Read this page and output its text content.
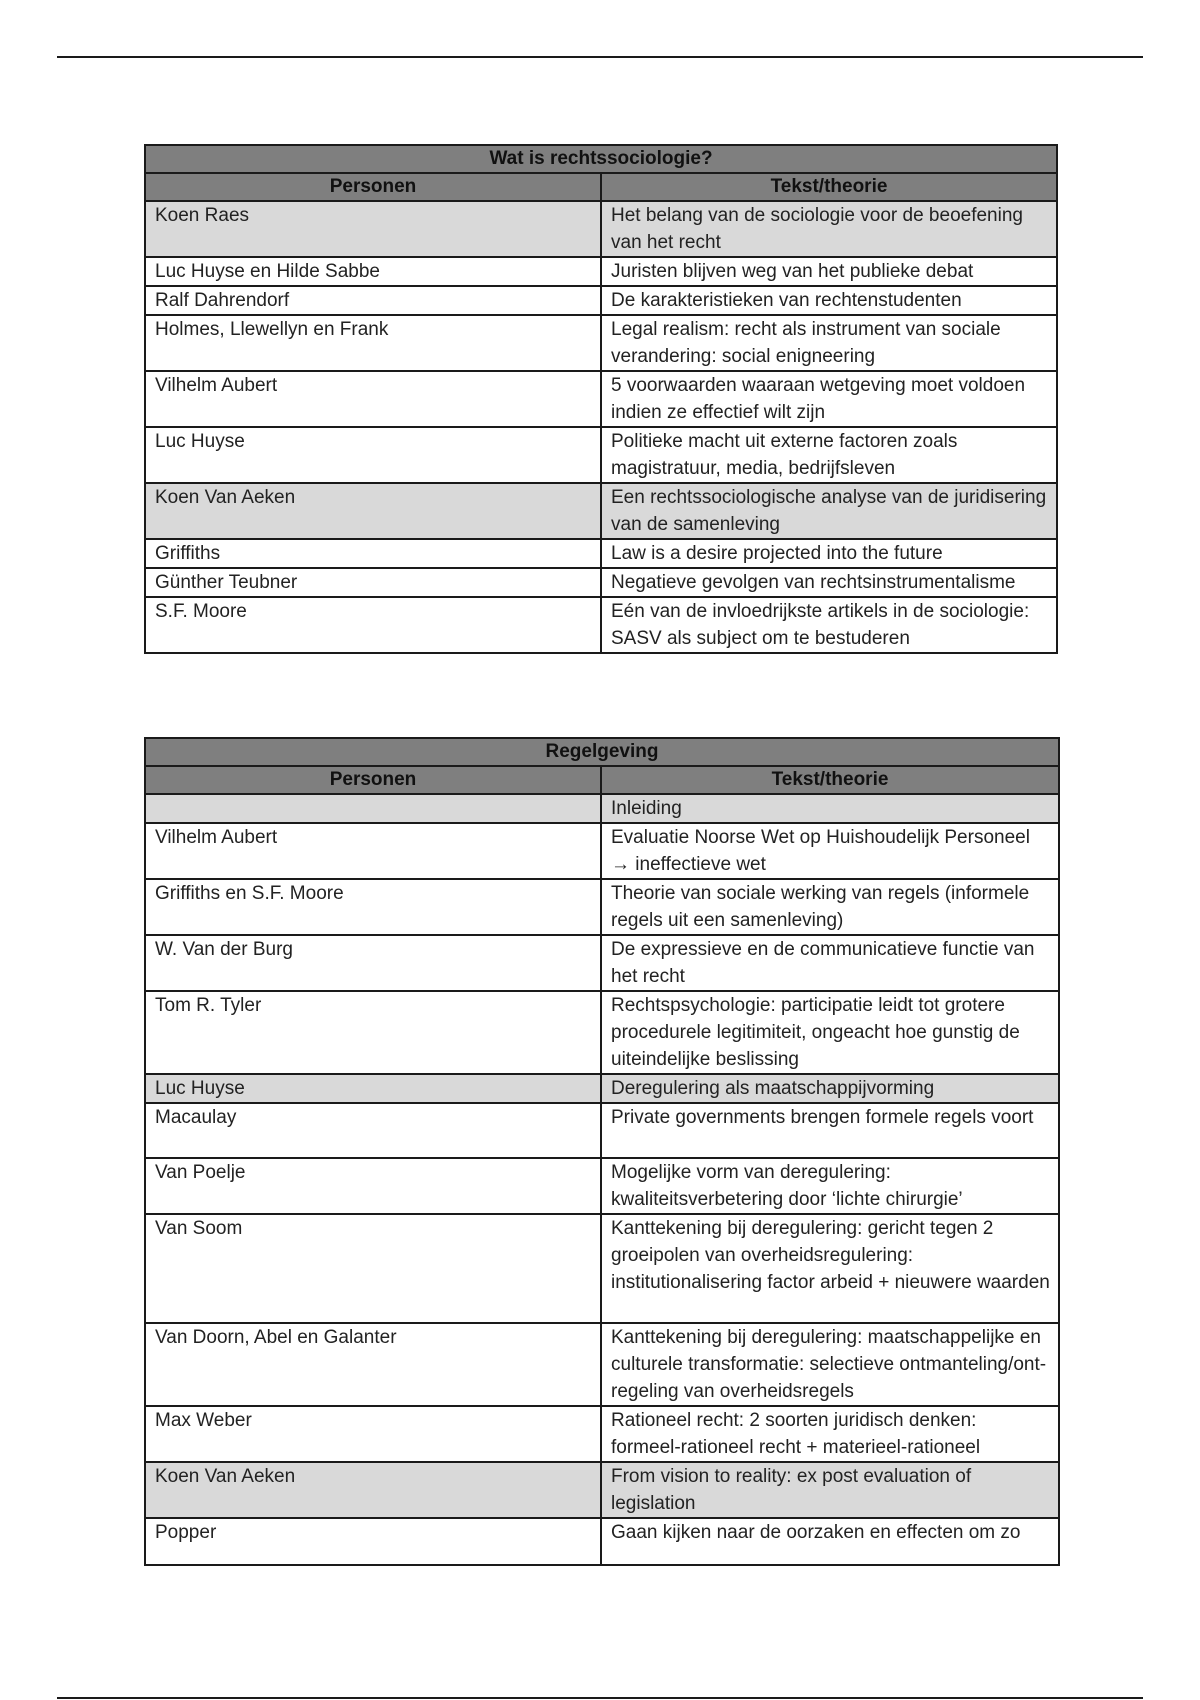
Wat is rechtssociologie?	
Personen	Tekst/theorie
Koen Raes	Het belang van de sociologie voor de beoefening van het recht
Luc Huyse en Hilde Sabbe	Juristen blijven weg van het publieke debat
Ralf Dahrendorf	De karakteristieken van rechtenstudenten
Holmes, Llewellyn en Frank	Legal realism: recht als instrument van sociale verandering: social enigneering
Vilhelm Aubert	5 voorwaarden waaraan wetgeving moet voldoen indien ze effectief wilt zijn
Luc Huyse	Politieke macht uit externe factoren zoals magistratuur, media, bedrijfsleven
Koen Van Aeken	Een rechtssociologische analyse van de juridisering van de samenleving
Griffiths	Law is a desire projected into the future
Günther Teubner	Negatieve gevolgen van rechtsinstrumentalisme
S.F. Moore	Eén van de invloedrijkste artikels in de sociologie: SASV als subject om te bestuderen
Regelgeving	
Personen	Tekst/theorie
	Inleiding
Vilhelm Aubert	Evaluatie Noorse Wet op Huishoudelijk Personeel → ineffectieve wet
Griffiths en S.F. Moore	Theorie van sociale werking van regels (informele regels uit een samenleving)
W. Van der Burg	De expressieve en de communicatieve functie van het recht
Tom R. Tyler	Rechtspsychologie: participatie leidt tot grotere procedurele legitimiteit, ongeacht hoe gunstig de uiteindelijke beslissing
Luc Huyse	Deregulering als maatschappijvorming
Macaulay	Private governments brengen formele regels voort
Van Poelje	Mogelijke vorm van deregulering: kwaliteitsverbetering door ‘lichte chirurgie’
Van Soom	Kanttekening bij deregulering: gericht tegen 2 groeipolen van overheidsregulering: institutionalisering factor arbeid + nieuwere waarden
Van Doorn, Abel en Galanter	Kanttekening bij deregulering: maatschappelijke en culturele transformatie: selectieve ontmanteling/ont-regeling van overheidsregels
Max Weber	Rationeel recht: 2 soorten juridisch denken: formeel-rationeel recht + materieel-rationeel
Koen Van Aeken	From vision to reality: ex post evaluation of legislation
Popper	Gaan kijken naar de oorzaken en effecten om zo
